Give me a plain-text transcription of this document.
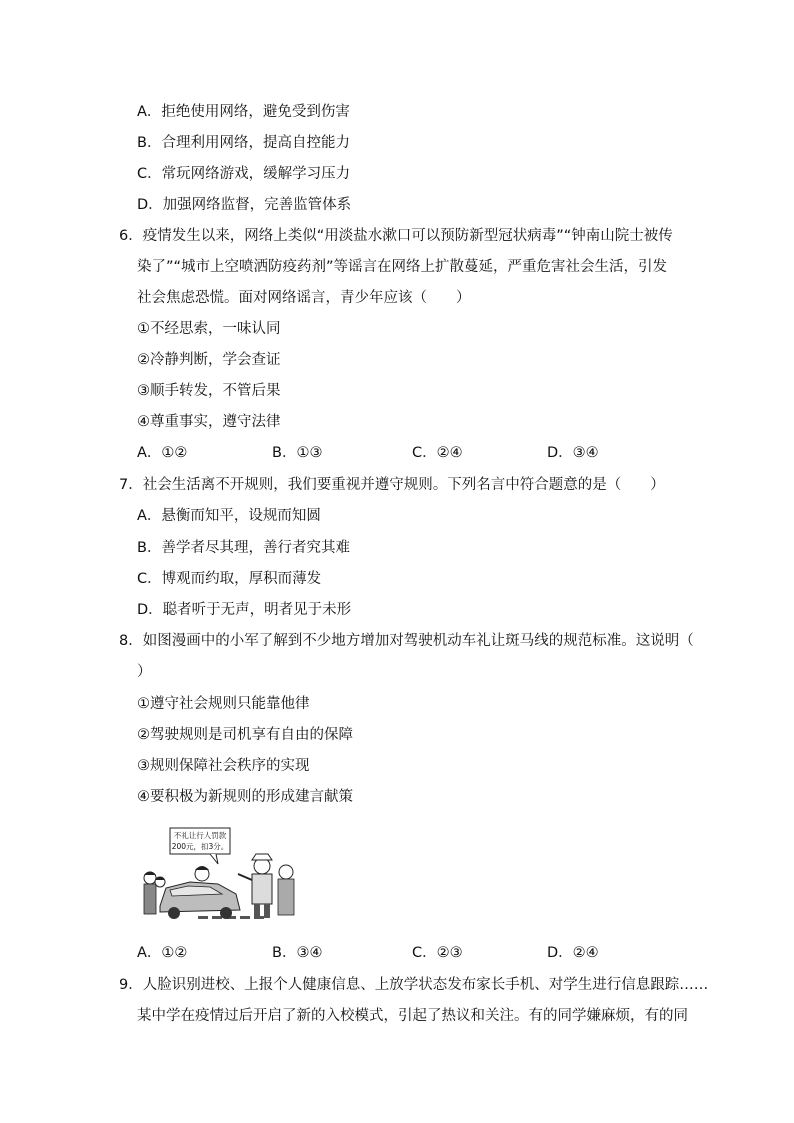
A．拒绝使用网络，避免受到伤害
B．合理利用网络，提高自控能力
C．常玩网络游戏，缓解学习压力
D．加强网络监督，完善监管体系
6．疫情发生以来，网络上类似“用淡盐水漱口可以预防新型冠状病毒”“钟南山院士被传
染了”“城市上空喷洒防疫药剂”等谣言在网络上扩散蔓延，严重危害社会生活，引发
社会焦虑恐慌。面对网络谣言，青少年应该（　　）
①不经思索，一味认同
②冷静判断，学会查证
③顺手转发，不管后果
④尊重事实，遵守法律
A．①②	B．①③	C．②④	D．③④
7．社会生活离不开规则，我们要重视并遵守规则。下列名言中符合题意的是（　　）
A．悬衡而知平，设规而知圆
B．善学者尽其理，善行者究其难
C．博观而约取，厚积而薄发
D．聪者听于无声，明者见于未形
8．如图漫画中的小军了解到不少地方增加对驾驶机动车礼让斑马线的规范标准。这说明（
）
①遵守社会规则只能靠他律
②驾驶规则是司机享有自由的保障
③规则保障社会秩序的实现
④要积极为新规则的形成建言献策
不礼让行人罚款
200元，扣3分。
A．①②	B．③④	C．②③	D．②④
9．人脸识别进校、上报个人健康信息、上放学状态发布家长手机、对学生进行信息跟踪……
某中学在疫情过后开启了新的入校模式，引起了热议和关注。有的同学嫌麻烦，有的同
